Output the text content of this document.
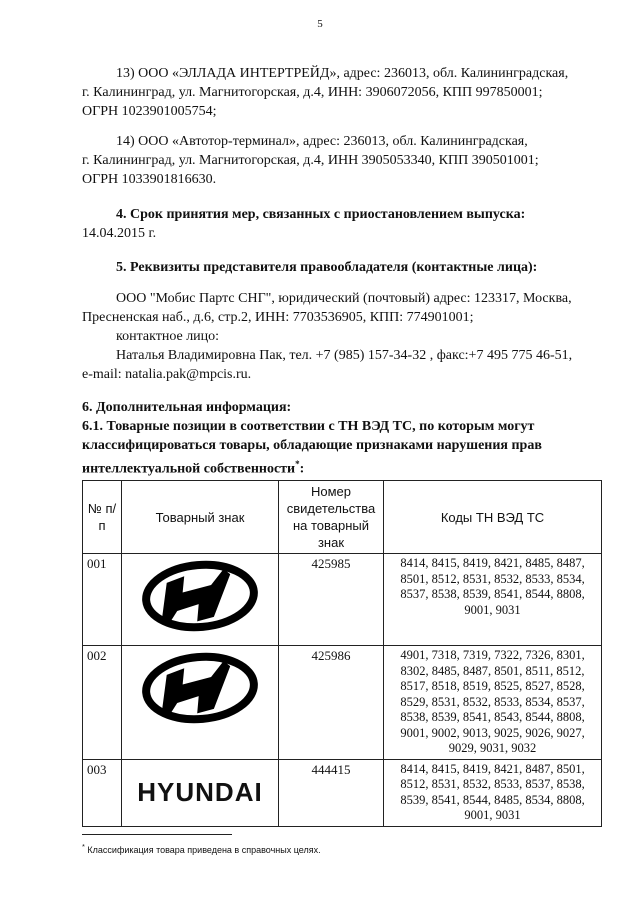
5
13) ООО «ЭЛЛАДА ИНТЕРТРЕЙД», адрес: 236013, обл. Калининградская,
г. Калининград, ул. Магнитогорская, д.4, ИНН: 3906072056, КПП 997850001;
ОГРН 1023901005754;
14) ООО «Автотор-терминал», адрес: 236013, обл. Калининградская,
г. Калининград, ул. Магнитогорская, д.4, ИНН 3905053340, КПП 390501001;
ОГРН 1033901816630.
4. Срок принятия мер, связанных с приостановлением выпуска:
14.04.2015 г.
5. Реквизиты представителя правообладателя (контактные лица):
ООО "Мобис Партс СНГ", юридический (почтовый) адрес: 123317, Москва,
Пресненская наб., д.6, стр.2, ИНН: 7703536905, КПП: 774901001;
контактное лицо:
Наталья Владимировна Пак, тел. +7 (985) 157-34-32 , факс:+7 495 775 46-51,
e-mail: natalia.pak@mpcis.ru.
6. Дополнительная информация:
6.1. Товарные позиции в соответствии с ТН ВЭД ТС, по которым могут
классифицироваться товары, обладающие признаками нарушения прав
интеллектуальной собственности*:
№ п/п	Товарный знак	Номер свидетельства на товарный знак	Коды ТН ВЭД ТС
001		425985	8414, 8415, 8419, 8421, 8485, 8487, 8501, 8512, 8531, 8532, 8533, 8534, 8537, 8538, 8539, 8541, 8544, 8808, 9001, 9031
002		425986	4901, 7318, 7319, 7322, 7326, 8301, 8302, 8485, 8487, 8501, 8511, 8512, 8517, 8518, 8519, 8525, 8527, 8528, 8529, 8531, 8532, 8533, 8534, 8537, 8538, 8539, 8541, 8543, 8544, 8808, 9001, 9002, 9013, 9025, 9026, 9027, 9029, 9031, 9032
003	HYUNDAI	444415	8414, 8415, 8419, 8421, 8487, 8501, 8512, 8531, 8532, 8533, 8537, 8538, 8539, 8541, 8544, 8485, 8534, 8808, 9001, 9031
* Классификация товара приведена в справочных целях.
